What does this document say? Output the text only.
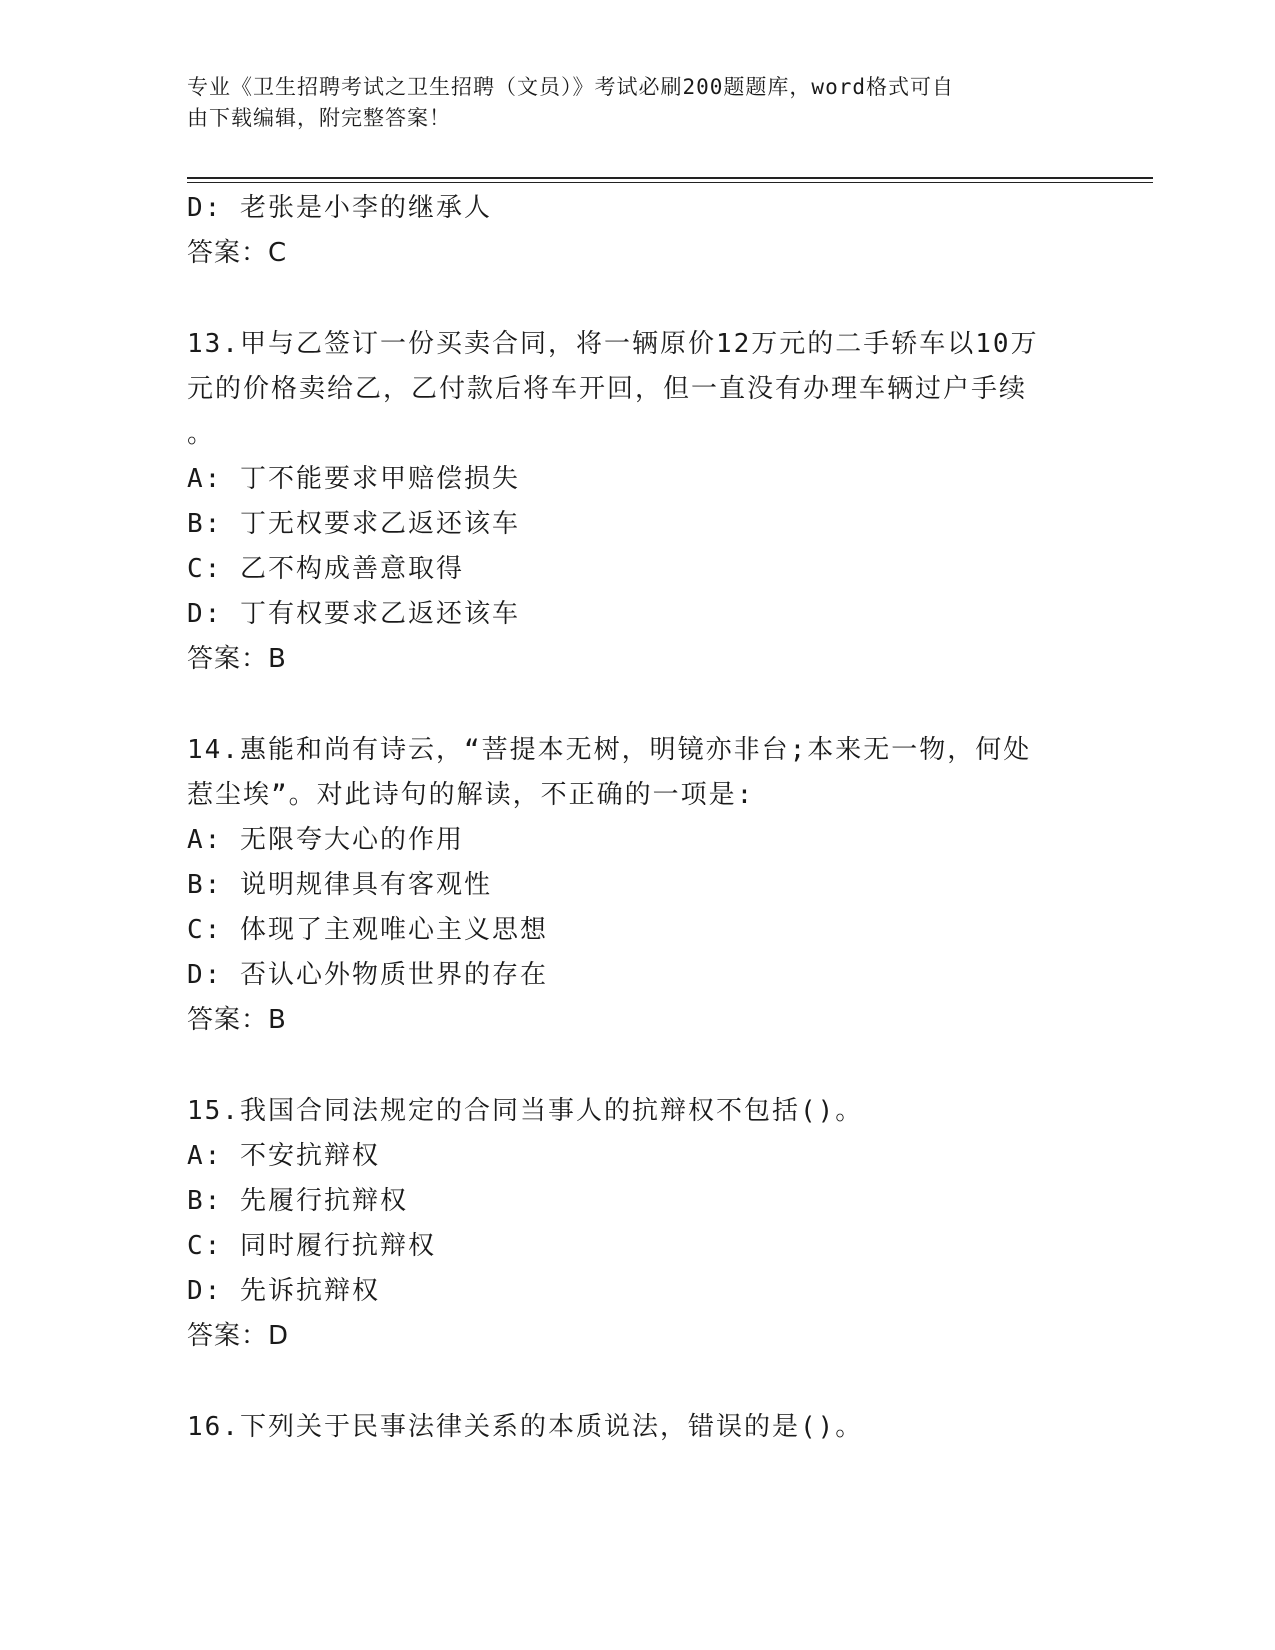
专业《卫生招聘考试之卫生招聘（文员）》考试必刷200题题库，word格式可自
由下载编辑，附完整答案！
D: 老张是小李的继承人
答案：C
13.甲与乙签订一份买卖合同，将一辆原价12万元的二手轿车以10万
元的价格卖给乙，乙付款后将车开回，但一直没有办理车辆过户手续
。
A: 丁不能要求甲赔偿损失
B: 丁无权要求乙返还该车
C: 乙不构成善意取得
D: 丁有权要求乙返还该车
答案：B
14.惠能和尚有诗云，“菩提本无树，明镜亦非台;本来无一物，何处
惹尘埃”。对此诗句的解读，不正确的一项是:
A: 无限夸大心的作用
B: 说明规律具有客观性
C: 体现了主观唯心主义思想
D: 否认心外物质世界的存在
答案：B
15.我国合同法规定的合同当事人的抗辩权不包括()。
A: 不安抗辩权
B: 先履行抗辩权
C: 同时履行抗辩权
D: 先诉抗辩权
答案：D
16.下列关于民事法律关系的本质说法，错误的是()。
